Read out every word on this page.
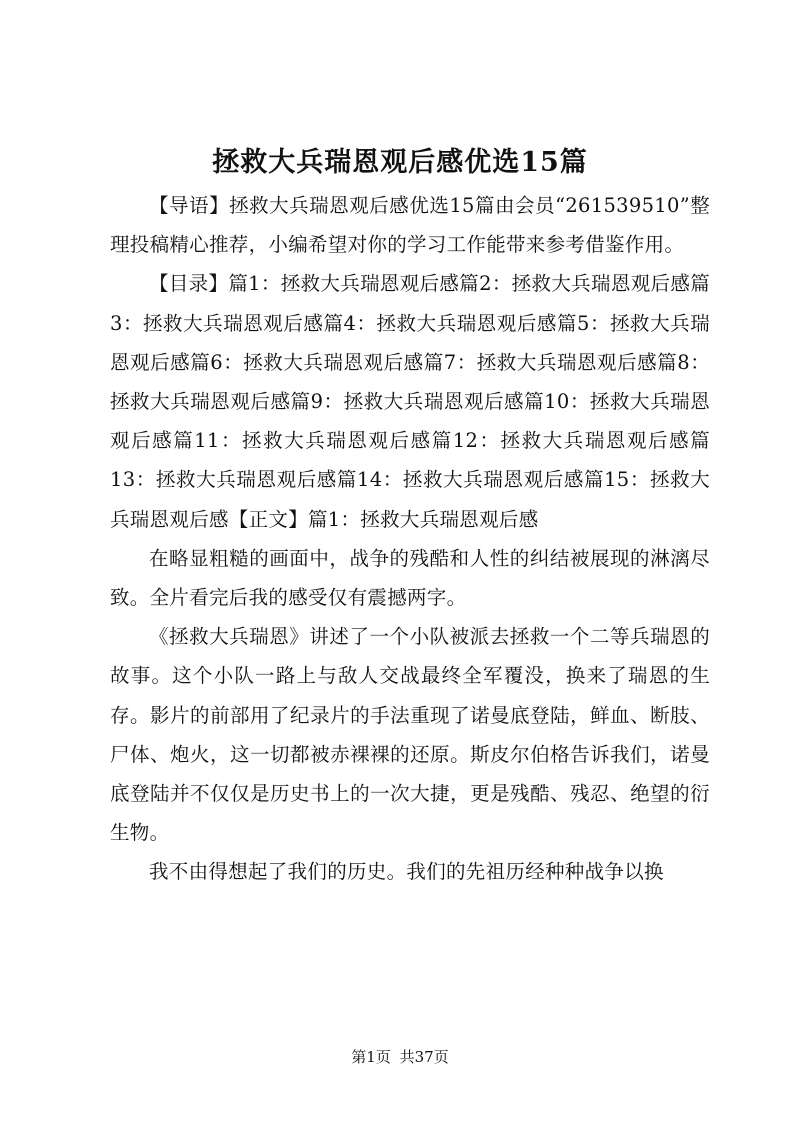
拯救大兵瑞恩观后感优选15篇

【导语】拯救大兵瑞恩观后感优选15篇由会员“261539510”整理投稿精心推荐，小编希望对你的学习工作能带来参考借鉴作用。

【目录】篇1：拯救大兵瑞恩观后感篇2：拯救大兵瑞恩观后感篇3：拯救大兵瑞恩观后感篇4：拯救大兵瑞恩观后感篇5：拯救大兵瑞恩观后感篇6：拯救大兵瑞恩观后感篇7：拯救大兵瑞恩观后感篇8：拯救大兵瑞恩观后感篇9：拯救大兵瑞恩观后感篇10：拯救大兵瑞恩观后感篇11：拯救大兵瑞恩观后感篇12：拯救大兵瑞恩观后感篇13：拯救大兵瑞恩观后感篇14：拯救大兵瑞恩观后感篇15：拯救大兵瑞恩观后感【正文】篇1：拯救大兵瑞恩观后感

在略显粗糙的画面中，战争的残酷和人性的纠结被展现的淋漓尽致。全片看完后我的感受仅有震撼两字。

《拯救大兵瑞恩》讲述了一个小队被派去拯救一个二等兵瑞恩的故事。这个小队一路上与敌人交战最终全军覆没，换来了瑞恩的生存。影片的前部用了纪录片的手法重现了诺曼底登陆，鲜血、断肢、尸体、炮火，这一切都被赤裸裸的还原。斯皮尔伯格告诉我们，诺曼底登陆并不仅仅是历史书上的一次大捷，更是残酷、残忍、绝望的衍生物。

我不由得想起了我们的历史。我们的先祖历经种种战争以换

第1页 共37页
